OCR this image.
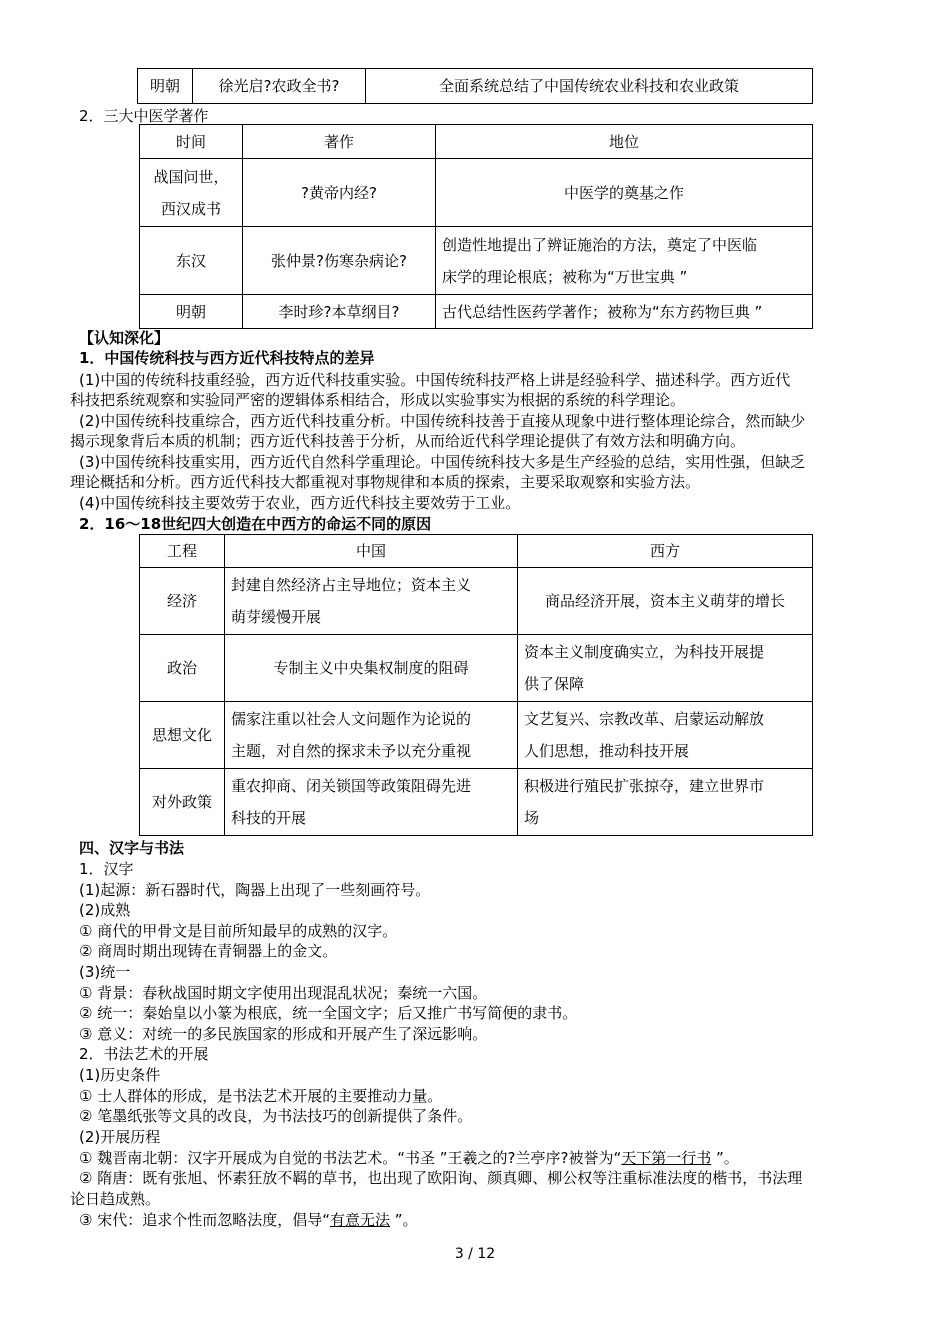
明朝	徐光启?农政全书?	全面系统总结了中国传统农业科技和农业政策
2．三大中医学著作
时间	著作	地位
战国问世，
西汉成书	?黄帝内经?	中医学的奠基之作
东汉	张仲景?伤寒杂病论?	创造性地提出了辨证施治的方法，奠定了中医临
床学的理论根底；被称为“万世宝典 ”
明朝	李时珍?本草纲目?	古代总结性医药学著作；被称为“东方药物巨典 ”
【认知深化】
1．中国传统科技与西方近代科技特点的差异
(1)中国的传统科技重经验，西方近代科技重实验。中国传统科技严格上讲是经验科学、描述科学。西方近代
科技把系统观察和实验同严密的逻辑体系相结合，形成以实验事实为根据的系统的科学理论。
(2)中国传统科技重综合，西方近代科技重分析。中国传统科技善于直接从现象中进行整体理论综合，然而缺少
揭示现象背后本质的机制；西方近代科技善于分析，从而给近代科学理论提供了有效方法和明确方向。
(3)中国传统科技重实用，西方近代自然科学重理论。中国传统科技大多是生产经验的总结，实用性强，但缺乏
理论概括和分析。西方近代科技大都重视对事物规律和本质的探索，主要采取观察和实验方法。
(4)中国传统科技主要效劳于农业，西方近代科技主要效劳于工业。
2．16～18世纪四大创造在中西方的命运不同的原因
工程	中国	西方
经济	封建自然经济占主导地位；资本主义
萌芽缓慢开展	商品经济开展，资本主义萌芽的增长
政治	专制主义中央集权制度的阻碍	资本主义制度确实立，为科技开展提
供了保障
思想文化	儒家注重以社会人文问题作为论说的
主题，对自然的探求未予以充分重视	文艺复兴、宗教改革、启蒙运动解放
人们思想，推动科技开展
对外政策	重农抑商、闭关锁国等政策阻碍先进
科技的开展	积极进行殖民扩张掠夺，建立世界市
场
四、汉字与书法
1．汉字
(1)起源：新石器时代，陶器上出现了一些刻画符号。
(2)成熟
① 商代的甲骨文是目前所知最早的成熟的汉字。
② 商周时期出现铸在青铜器上的金文。
(3)统一
① 背景：春秋战国时期文字使用出现混乱状况；秦统一六国。
② 统一：秦始皇以小篆为根底，统一全国文字；后又推广书写简便的隶书。
③ 意义：对统一的多民族国家的形成和开展产生了深远影响。
2．书法艺术的开展
(1)历史条件
① 士人群体的形成，是书法艺术开展的主要推动力量。
② 笔墨纸张等文具的改良，为书法技巧的创新提供了条件。
(2)开展历程
① 魏晋南北朝：汉字开展成为自觉的书法艺术。“书圣 ”王羲之的?兰亭序?被誉为“天下第一行书 ”。
② 隋唐：既有张旭、怀素狂放不羁的草书，也出现了欧阳询、颜真卿、柳公权等注重标准法度的楷书，书法理
论日趋成熟。
③ 宋代：追求个性而忽略法度，倡导“有意无法 ”。
3 / 12
